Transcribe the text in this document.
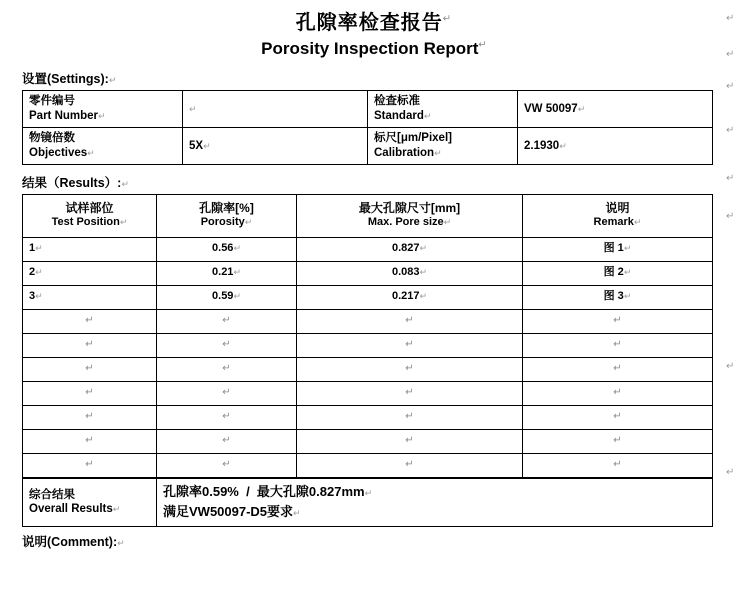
↵
↵
↵
↵
↵
↵
↵
↵
孔隙率检查报告↵
Porosity Inspection Report↵
设置(Settings):↵
零件编号
Part Number↵	↵	检查标准
Standard↵	VW 50097↵

物镜倍数
Objectives↵	5X↵	标尺[μm/Pixel]
Calibration↵	2.1930↵
结果（Results）:↵
试样部位
Test Position↵	孔隙率[%]
Porosity↵	最大孔隙尺寸[mm]
Max. Pore size↵	说明
Remark↵

1↵	0.56↵	0.827↵	图 1↵
2↵	0.21↵	0.083↵	图 2↵
3↵	0.59↵	0.217↵	图 3↵
↵	↵	↵	↵
↵	↵	↵	↵
↵	↵	↵	↵
↵	↵	↵	↵
↵	↵	↵	↵
↵	↵	↵	↵
↵	↵	↵	↵
综合结果
Overall Results↵

孔隙率0.59%  /  最大孔隙0.827mm↵
满足VW50097-D5要求↵
说明(Comment):↵
